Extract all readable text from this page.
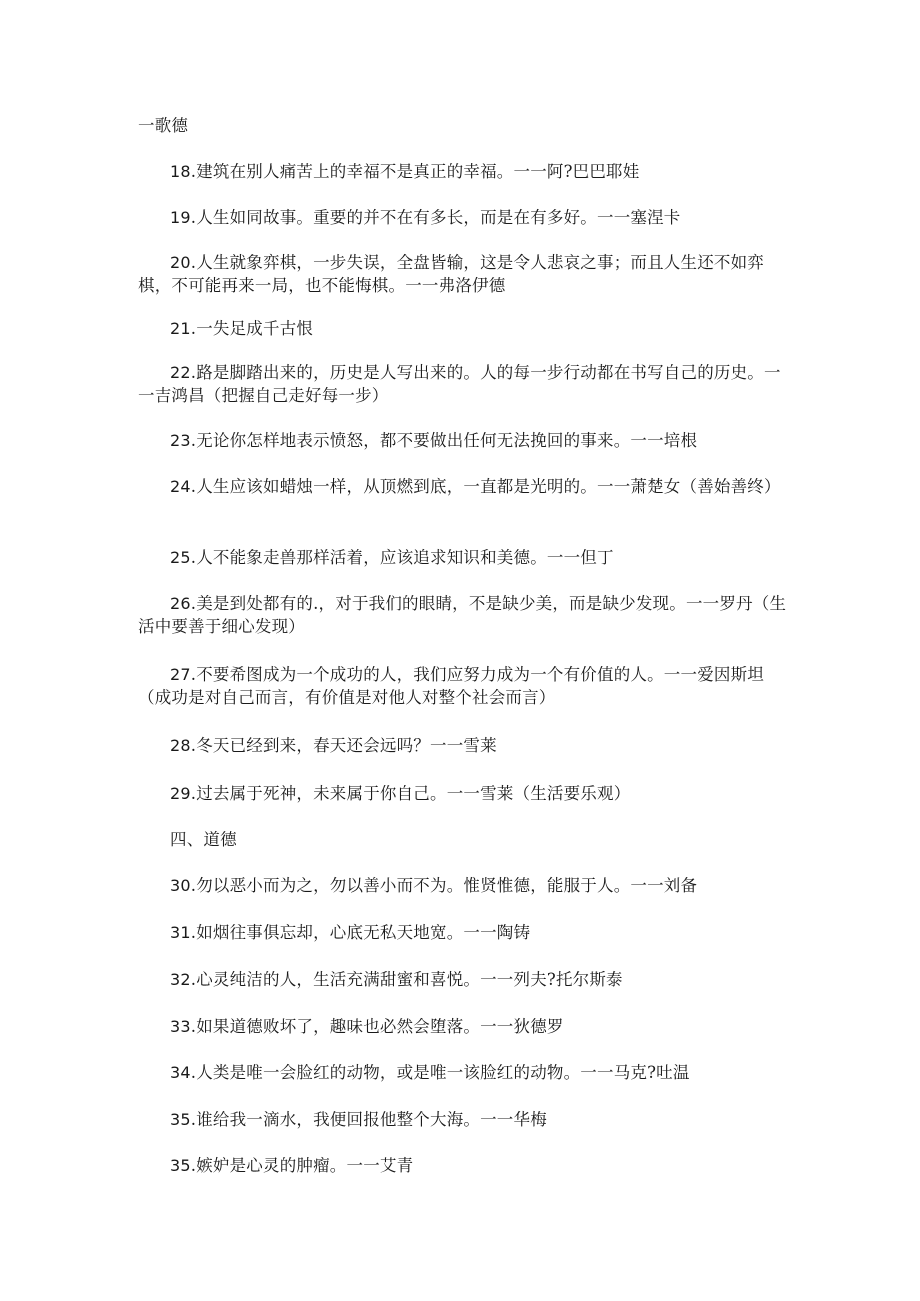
一歌德
18.建筑在别人痛苦上的幸福不是真正的幸福。一一阿?巴巴耶娃
19.人生如同故事。重要的并不在有多长，而是在有多好。一一塞涅卡
20.人生就象弈棋，一步失误，全盘皆输，这是令人悲哀之事；而且人生还不如弈棋，不可能再来一局，也不能悔棋。一一弗洛伊德
21.一失足成千古恨
22.路是脚踏出来的，历史是人写出来的。人的每一步行动都在书写自己的历史。一一吉鸿昌（把握自己走好每一步）
23.无论你怎样地表示愤怒，都不要做出任何无法挽回的事来。一一培根
24.人生应该如蜡烛一样，从顶燃到底，一直都是光明的。一一萧楚女（善始善终）
25.人不能象走兽那样活着，应该追求知识和美德。一一但丁
26.美是到处都有的.，对于我们的眼睛，不是缺少美，而是缺少发现。一一罗丹（生活中要善于细心发现）
27.不要希图成为一个成功的人，我们应努力成为一个有价值的人。一一爱因斯坦（成功是对自己而言，有价值是对他人对整个社会而言）
28.冬天已经到来，春天还会远吗？一一雪莱
29.过去属于死神，未来属于你自己。一一雪莱（生活要乐观）
四、道德
30.勿以恶小而为之，勿以善小而不为。惟贤惟德，能服于人。一一刘备
31.如烟往事俱忘却，心底无私天地宽。一一陶铸
32.心灵纯洁的人，生活充满甜蜜和喜悦。一一列夫?托尔斯泰
33.如果道德败坏了，趣味也必然会堕落。一一狄德罗
34.人类是唯一会脸红的动物，或是唯一该脸红的动物。一一马克?吐温
35.谁给我一滴水，我便回报他整个大海。一一华梅
35.嫉妒是心灵的肿瘤。一一艾青
